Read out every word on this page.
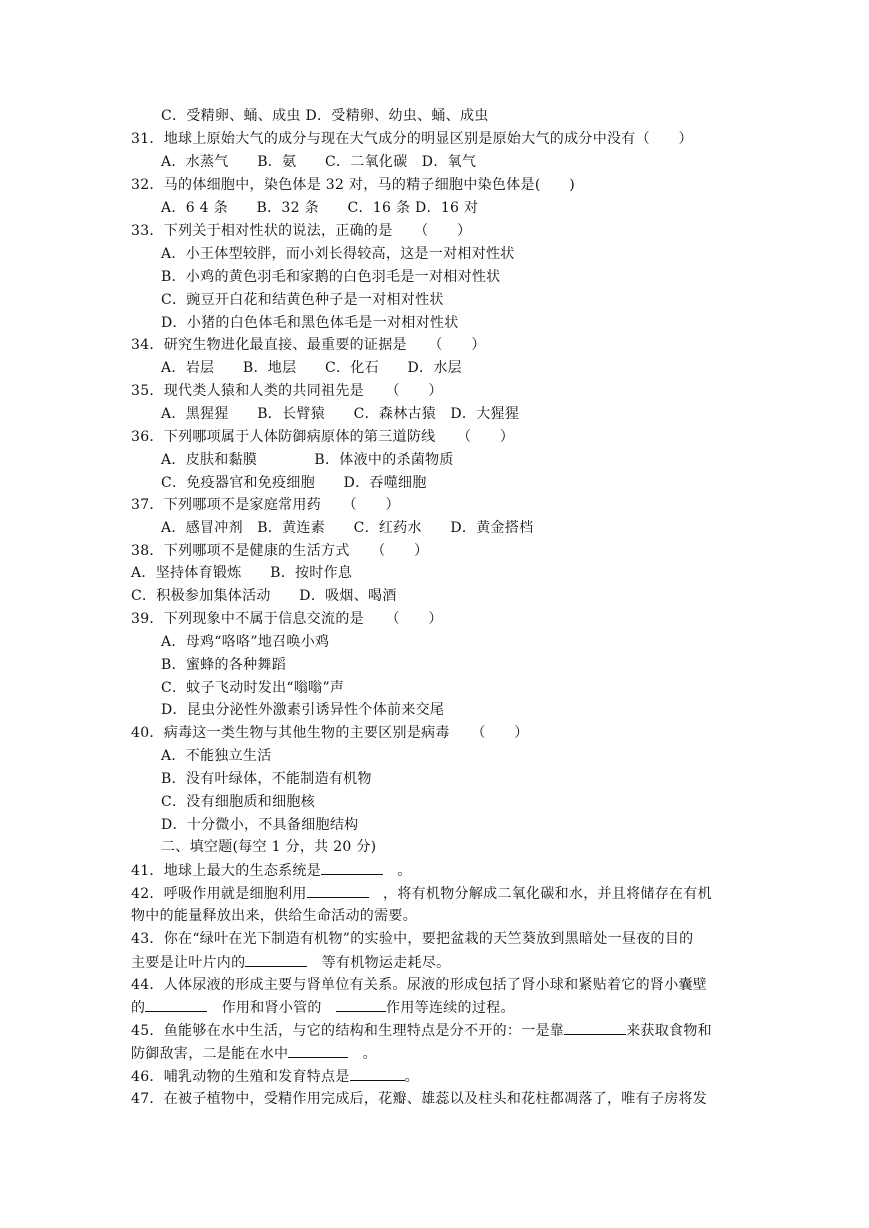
C．受精卵、蛹、成虫 D．受精卵、幼虫、蛹、成虫
31．地球上原始大气的成分与现在大气成分的明显区别是原始大气的成分中没有（　　）
A．水蒸气　　B．氨　　C．二氧化碳　D．氧气
32．马的体细胞中，染色体是 32 对，马的精子细胞中染色体是(　　)
A．6 4 条　　B．32 条　　C．16 条 D．16 对
33．下列关于相对性状的说法，正确的是　　（　　）
A．小王体型较胖，而小刘长得较高，这是一对相对性状
B．小鸡的黄色羽毛和家鹅的白色羽毛是一对相对性状
C．豌豆开白花和结黄色种子是一对相对性状
D．小猪的白色体毛和黑色体毛是一对相对性状
34．研究生物进化最直接、最重要的证据是　　（　　）
A．岩层　　B．地层　　C．化石　　D．水层
35．现代类人猿和人类的共同祖先是　　（　　）
A．黑猩猩　　B．长臂猿　　C．森林古猿　D．大猩猩
36．下列哪项属于人体防御病原体的第三道防线　　（　　）
A．皮肤和黏膜　　　　B．体液中的杀菌物质
C．免疫器官和免疫细胞　　D．吞噬细胞
37．下列哪项不是家庭常用药　　（　　）
A．感冒冲剂　B．黄连素　　C．红药水　　D．黄金搭档
38．下列哪项不是健康的生活方式　　（　　）
A．坚持体育锻炼　　B．按时作息
C．积极参加集体活动　　D．吸烟、喝酒
39．下列现象中不属于信息交流的是　　（　　）
A．母鸡“咯咯”地召唤小鸡
B．蜜蜂的各种舞蹈
C．蚊子飞动时发出“嗡嗡”声
D．昆虫分泌性外激素引诱异性个体前来交尾
40．病毒这一类生物与其他生物的主要区别是病毒　　（　　）
A．不能独立生活
B．没有叶绿体，不能制造有机物
C．没有细胞质和细胞核
D．十分微小，不具备细胞结构
二、填空题(每空 1 分，共 20 分)
41．地球上最大的生态系统是　	。
42．呼吸作用就是细胞利用　	，将有机物分解成二氧化碳和水，并且将储存在有机
物中的能量释放出来，供给生命活动的需要。
43．你在“绿叶在光下制造有机物”的实验中，要把盆栽的天竺葵放到黑暗处一昼夜的目的
主要是让叶片内的　	等有机物运走耗尽。
44．人体尿液的形成主要与肾单位有关系。尿液的形成包括了肾小球和紧贴着它的肾小囊壁
的　	作用和肾小管的　	作用等连续的过程。
45．鱼能够在水中生活，与它的结构和生理特点是分不开的：一是靠	来获取食物和
防御敌害，二是能在水中　	。
46．哺乳动物的生殖和发育特点是	。
47．在被子植物中，受精作用完成后，花瓣、雄蕊以及柱头和花柱都凋落了，唯有子房将发
